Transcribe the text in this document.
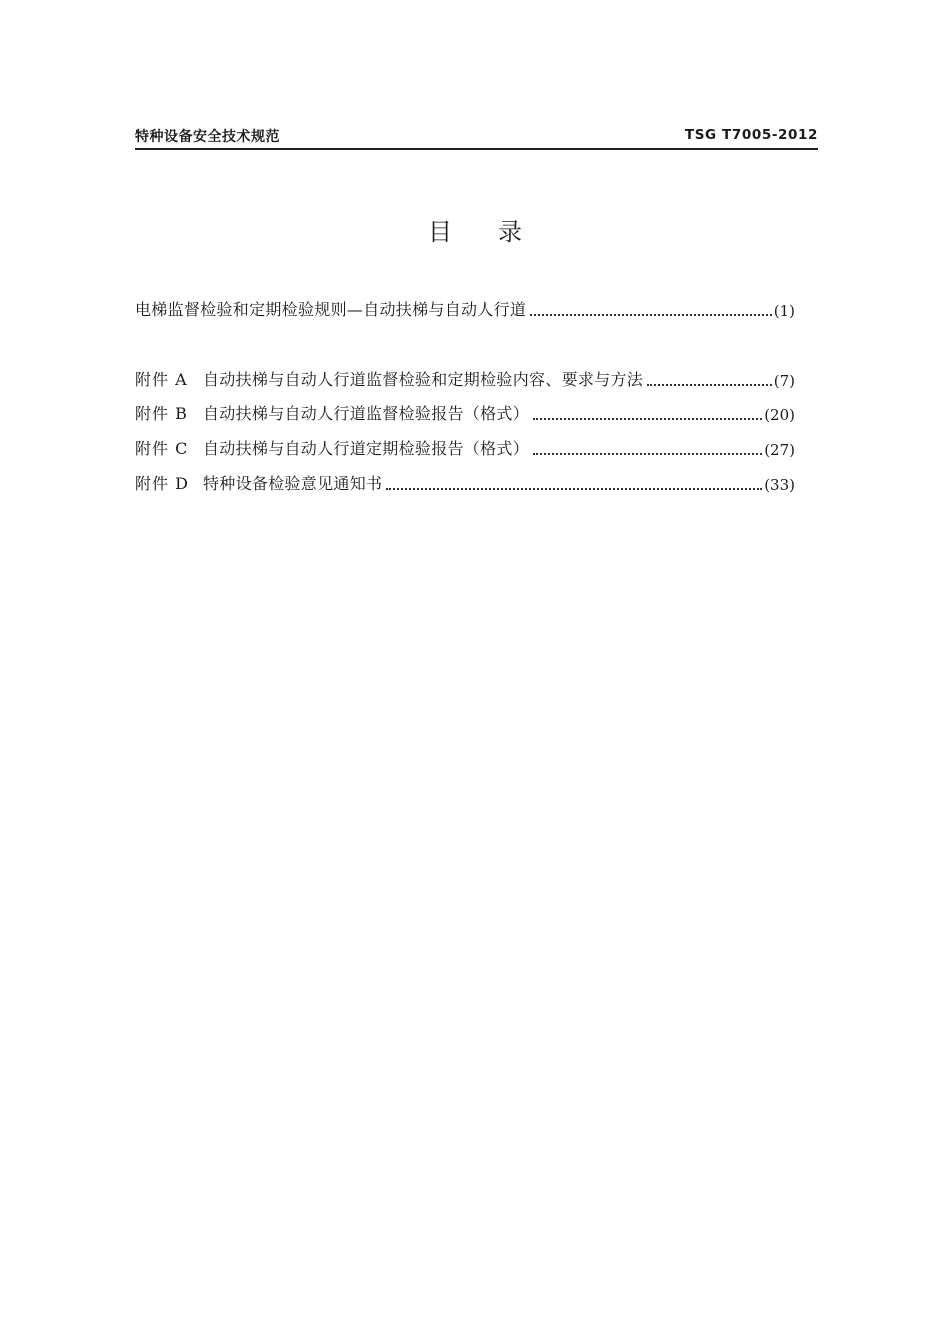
特种设备安全技术规范	TSG T7005-2012
目录
电梯监督检验和定期检验规则—自动扶梯与自动人行道	(1)
附件 A 自动扶梯与自动人行道监督检验和定期检验内容、要求与方法	(7)
附件 B 自动扶梯与自动人行道监督检验报告（格式）	(20)
附件 C 自动扶梯与自动人行道定期检验报告（格式）	(27)
附件 D 特种设备检验意见通知书	(33)
